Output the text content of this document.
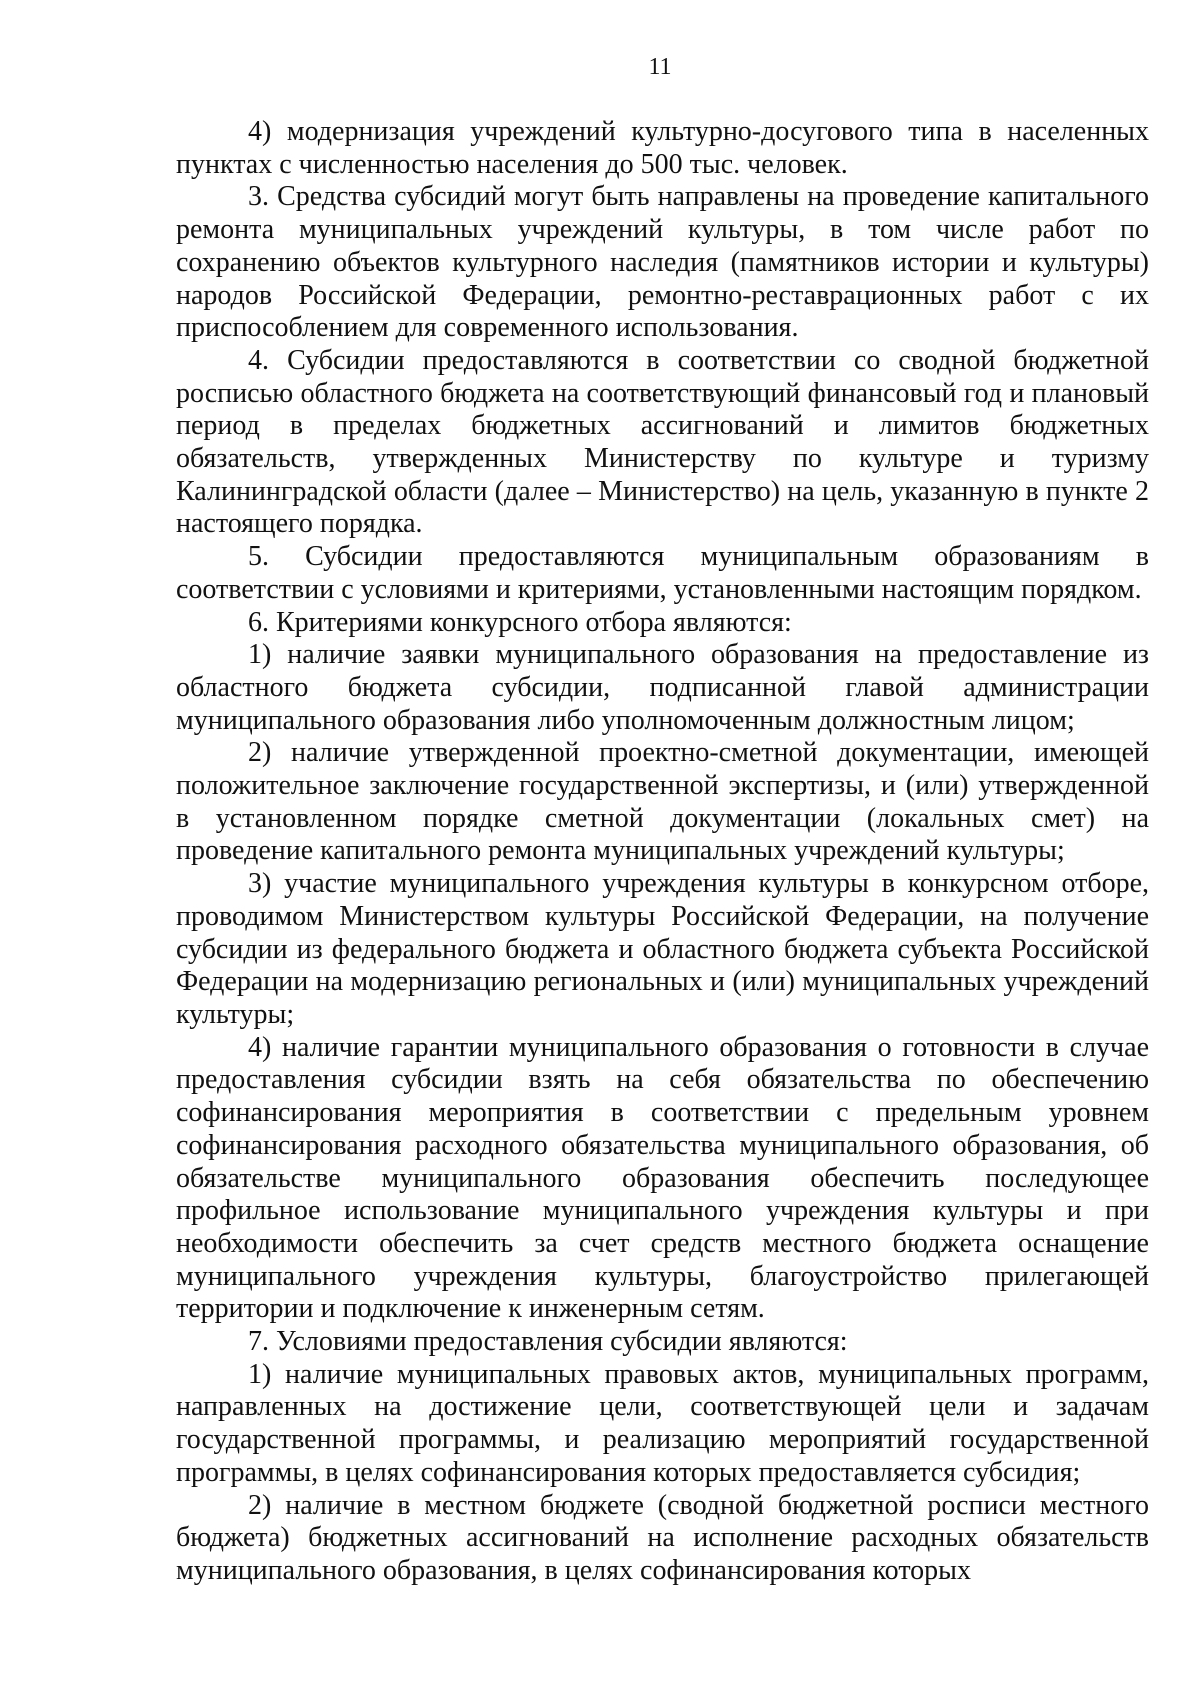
11

4) модернизация учреждений культурно-досугового типа в населенных пунктах с численностью населения до 500 тыс. человек.

3. Средства субсидий могут быть направлены на проведение капитального ремонта муниципальных учреждений культуры, в том числе работ по сохранению объектов культурного наследия (памятников истории и культуры) народов Российской Федерации, ремонтно-реставрационных работ с их приспособлением для современного использования.

4. Субсидии предоставляются в соответствии со сводной бюджетной росписью областного бюджета на соответствующий финансовый год и плановый период в пределах бюджетных ассигнований и лимитов бюджетных обязательств, утвержденных Министерству по культуре и туризму Калининградской области (далее – Министерство) на цель, указанную в пункте 2 настоящего порядка.

5. Субсидии предоставляются муниципальным образованиям в соответствии с условиями и критериями, установленными настоящим порядком.

6. Критериями конкурсного отбора являются:

1) наличие заявки муниципального образования на предоставление из областного бюджета субсидии, подписанной главой администрации муниципального образования либо уполномоченным должностным лицом;

2) наличие утвержденной проектно-сметной документации, имеющей положительное заключение государственной экспертизы, и (или) утвержденной в установленном порядке сметной документации (локальных смет) на проведение капитального ремонта муниципальных учреждений культуры;

3) участие муниципального учреждения культуры в конкурсном отборе, проводимом Министерством культуры Российской Федерации, на получение субсидии из федерального бюджета и областного бюджета субъекта Российской Федерации на модернизацию региональных и (или) муниципальных учреждений культуры;

4) наличие гарантии муниципального образования о готовности в случае предоставления субсидии взять на себя обязательства по обеспечению софинансирования мероприятия в соответствии с предельным уровнем софинансирования расходного обязательства муниципального образования, об обязательстве муниципального образования обеспечить последующее профильное использование муниципального учреждения культуры и при необходимости обеспечить за счет средств местного бюджета оснащение муниципального учреждения культуры, благоустройство прилегающей территории и подключение к инженерным сетям.

7. Условиями предоставления субсидии являются:

1) наличие муниципальных правовых актов, муниципальных программ, направленных на достижение цели, соответствующей цели и задачам государственной программы, и реализацию мероприятий государственной программы, в целях софинансирования которых предоставляется субсидия;

2) наличие в местном бюджете (сводной бюджетной росписи местного бюджета) бюджетных ассигнований на исполнение расходных обязательств муниципального образования, в целях софинансирования которых
